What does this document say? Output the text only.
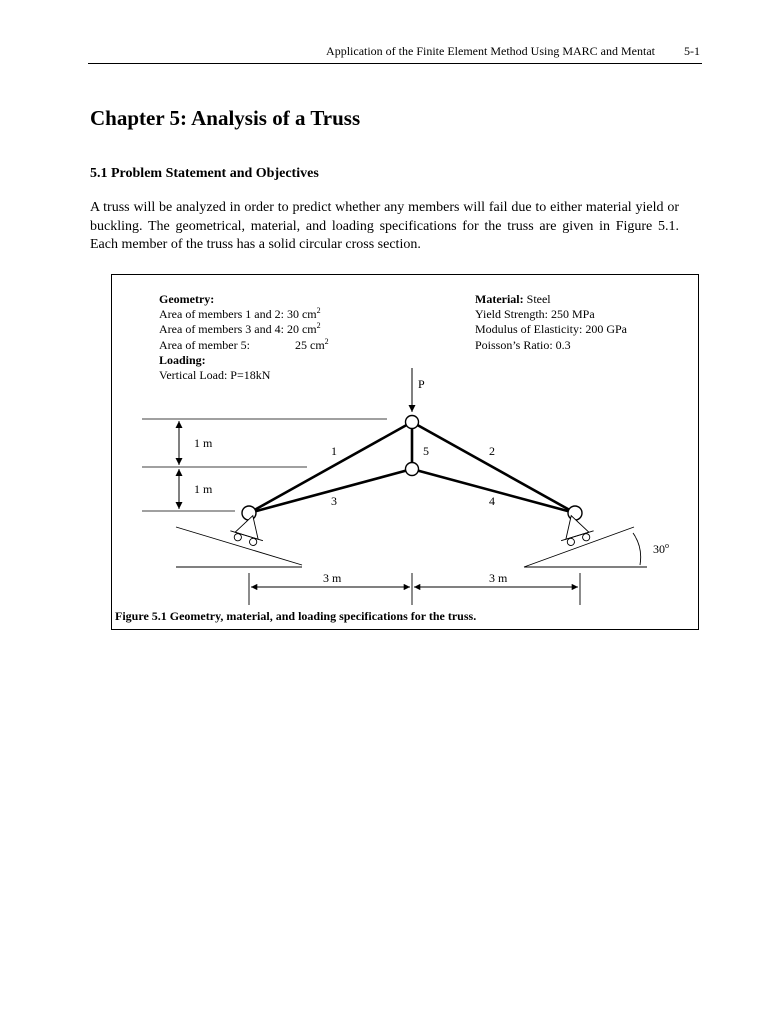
Application of the Finite Element Method Using MARC and Mentat 5-1
Chapter 5: Analysis of a Truss
5.1 Problem Statement and Objectives

A truss will be analyzed in order to predict whether any members will fail due to either material yield or buckling. The geometrical, material, and loading specifications for the truss are given in Figure 5.1. Each member of the truss has a solid circular cross section.

1 m
1 m
P
1	2
3	4
5
30$^o$
3 m	3 m
Geometry:
Area of members 1 and 2: 30 $cm^2$
Area of members 3 and 4: 20 $cm^2$
Area of member 5:	25 $cm^2$
Loading:
Vertical Load: P=18kN
Material: Steel
Yield Strength: 250 MPa
Modulus of Elasticity: 200 GPa
Poisson’s Ratio: 0.3

Figure 5.1 Geometry, material, and loading specifications for the truss.
